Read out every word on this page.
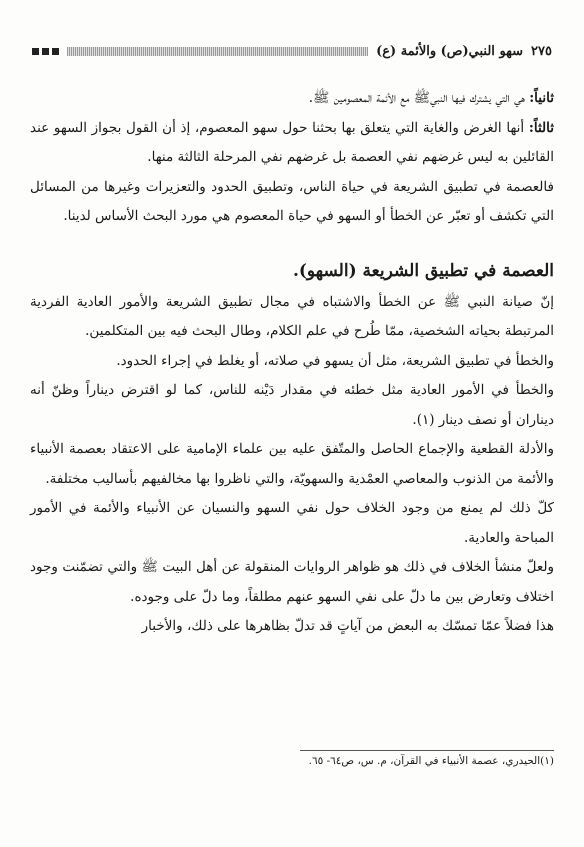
٢٧٥
سهو النبي(ص) والأئمة (ع)

ثانياً: هي التي يشترك فيها النبيﷺ مع الأئمة المعصومين ﷺ.

ثالثاً: أنها الغرض والغاية التي يتعلق بها بحثنا حول سهو المعصوم، إذ أن القول بجواز السهو عند القائلين به ليس غرضهم نفي العصمة بل غرضهم نفي المرحلة الثالثة منها.

فالعصمة في تطبيق الشريعة في حياة الناس، وتطبيق الحدود والتعزيرات وغيرها من المسائل التي تكشف أو تعبّر عن الخطأ أو السهو في حياة المعصوم هي مورد البحث الأساس لدينا.

العصمة في تطبيق الشريعة (السهو).

إنّ صيانة النبي ﷺ عن الخطأ والاشتباه في مجال تطبيق الشريعة والأمور العادية الفردية المرتبطة بحياته الشخصية، ممّا طُرح في علم الكلام، وطال البحث فيه بين المتكلمين.

والخطأ في تطبيق الشريعة، مثل أن يسهو في صلاته، أو يغلط في إجراء الحدود.

والخطأ في الأمور العادية مثل خطئه في مقدار دَيْنه للناس، كما لو اقترض ديناراً وظنّ أنه ديناران أو نصف دينار (١).

والأدلة القطعية والإجماع الحاصل والمتّفق عليه بين علماء الإمامية على الاعتقاد بعصمة الأنبياء والأئمة من الذنوب والمعاصي العمْدية والسهويّة، والتي ناظروا بها مخالفيهم بأساليب مختلفة.

كلّ ذلك لم يمنع من وجود الخلاف حول نفي السهو والنسيان عن الأنبياء والأئمة في الأمور المباحة والعادية.

ولعلّ منشأ الخلاف في ذلك هو ظواهر الروايات المنقولة عن أهل البيت ﷺ والتي تضمّنت وجود اختلاف وتعارض بين ما دلّ على نفي السهو عنهم مطلقاً، وما دلّ على وجوده.

هذا فضلاً عمّا تمسّك به البعض من آياتٍ قد تدلّ بظاهرها على ذلك، والأخبار

(١)الحيدري، عصمة الأنبياء في القرآن، م. س، ص٦٤- ٦٥.
